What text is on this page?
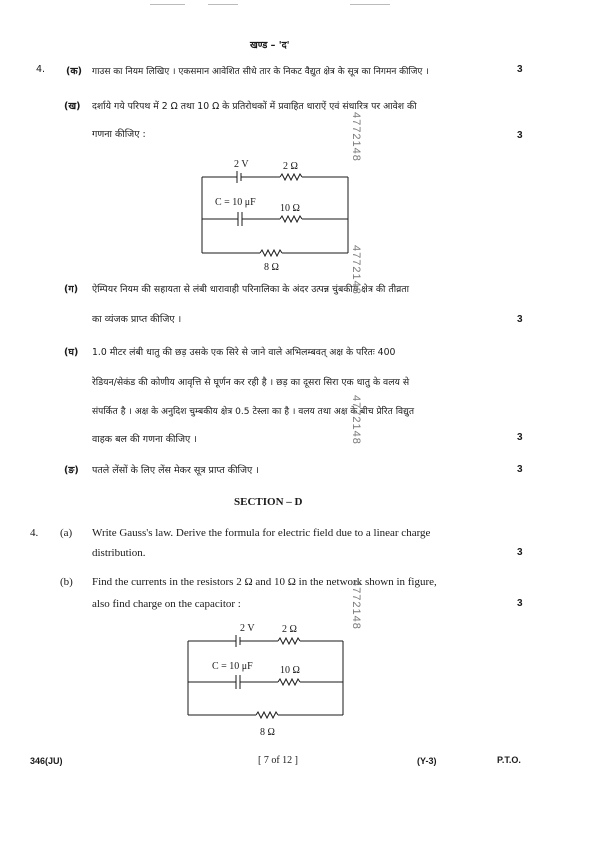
खण्ड – 'द'
4. (क) गाउस का नियम लिखिए । एकसमान आवेशित सीधे तार के निकट वैद्युत क्षेत्र के सूत्र का निगमन कीजिए ।	3
(ख) दर्शाये गये परिपथ में 2 Ω तथा 10 Ω के प्रतिरोधकों में प्रवाहित धाराऐं एवं संधारित्र पर आवेश की
गणना कीजिए :	3
2 V	2 Ω
C = 10 μF
10 Ω
8 Ω
(ग) ऐम्पियर नियम की सहायता से लंबी धारावाही परिनालिका के अंदर उत्पन्न चुंबकीय क्षेत्र की तीव्रता
का व्यंजक प्राप्त कीजिए ।	3
(घ) 1.0 मीटर लंबी धातु की छड़ उसके एक सिरे से जाने वाले अभिलम्बवत् अक्ष के परितः 400
रेडियन/सेकंड की कोणीय आवृत्ति से घूर्णन कर रही है । छड़ का दूसरा सिरा एक धातु के वलय से
संपर्कित है । अक्ष के अनुदिश चुम्बकीय क्षेत्र 0.5 टेस्ला का है । वलय तथा अक्ष के बीच प्रेरित विद्युत
वाहक बल की गणना कीजिए ।	3
(ङ) पतले लेंसों के लिए लेंस मेकर सूत्र प्राप्त कीजिए ।	3
SECTION – D
4. (a) Write Gauss's law. Derive the formula for electric field due to a linear charge
distribution.	3
(b) Find the currents in the resistors 2 Ω and 10 Ω in the network shown in figure,
also find charge on the capacitor :	3
2 V	2 Ω
C = 10 μF	10 Ω
8 Ω
4772148
4772148
4772148
4772148
346(JU)	[ 7 of 12 ]	(Y-3)	P.T.O.
